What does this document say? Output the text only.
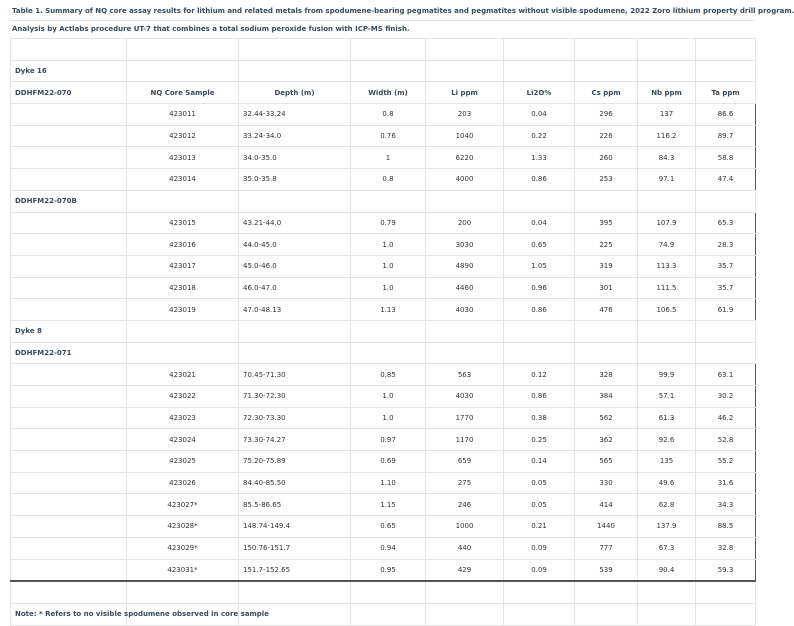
Table 1. Summary of NQ core assay results for lithium and related metals from spodumene-bearing pegmatites and pegmatites without visible spodumene, 2022 Zoro lithium property drill program.
Analysis by Actlabs procedure UT-7 that combines a total sodium peroxide fusion with ICP-MS finish.

Dyke 16								
DDHFM22-070	NQ Core Sample	Depth (m)	Width (m)	Li ppm	Li2O%	Cs ppm	Nb ppm	Ta ppm
	423011	32.44-33.24	0.8	203	0.04	296	137	86.6
	423012	33.24-34.0	0.76	1040	0.22	226	116.2	89.7
	423013	34.0-35.0	1	6220	1.33	260	84.3	58.8
	423014	35.0-35.8	0.8	4000	0.86	253	97.1	47.4
DDHFM22-070B								
	423015	43.21-44.0	0.79	200	0.04	395	107.9	65.3
	423016	44.0-45.0	1.0	3030	0.65	225	74.9	28.3
	423017	45.0-46.0	1.0	4890	1.05	319	113.3	35.7
	423018	46.0-47.0	1.0	4460	0.96	301	111.5	35.7
	423019	47.0-48.13	1.13	4030	0.86	476	106.5	61.9
Dyke 8								
DDHFM22-071								
	423021	70.45-71.30	0.85	563	0.12	328	99.9	63.1
	423022	71.30-72.30	1.0	4030	0.86	384	57.1	30.2
	423023	72.30-73.30	1.0	1770	0.38	562	61.3	46.2
	423024	73.30-74.27	0.97	1170	0.25	362	92.6	52.8
	423025	75.20-75.89	0.69	659	0.14	565	135	55.2
	423026	84.40-85.50	1.10	275	0.05	330	49.6	31.6
	423027*	85.5-86.65	1.15	246	0.05	414	62.8	34.3
	423028*	148.74-149.4	0.65	1000	0.21	1440	137.9	88.5
	423029*	150.76-151.7	0.94	440	0.09	777	67.3	32.8
	423031*	151.7-152.65	0.95	429	0.09	539	90.4	59.3

Note: * Refers to no visible spodumene observed in core sample								
